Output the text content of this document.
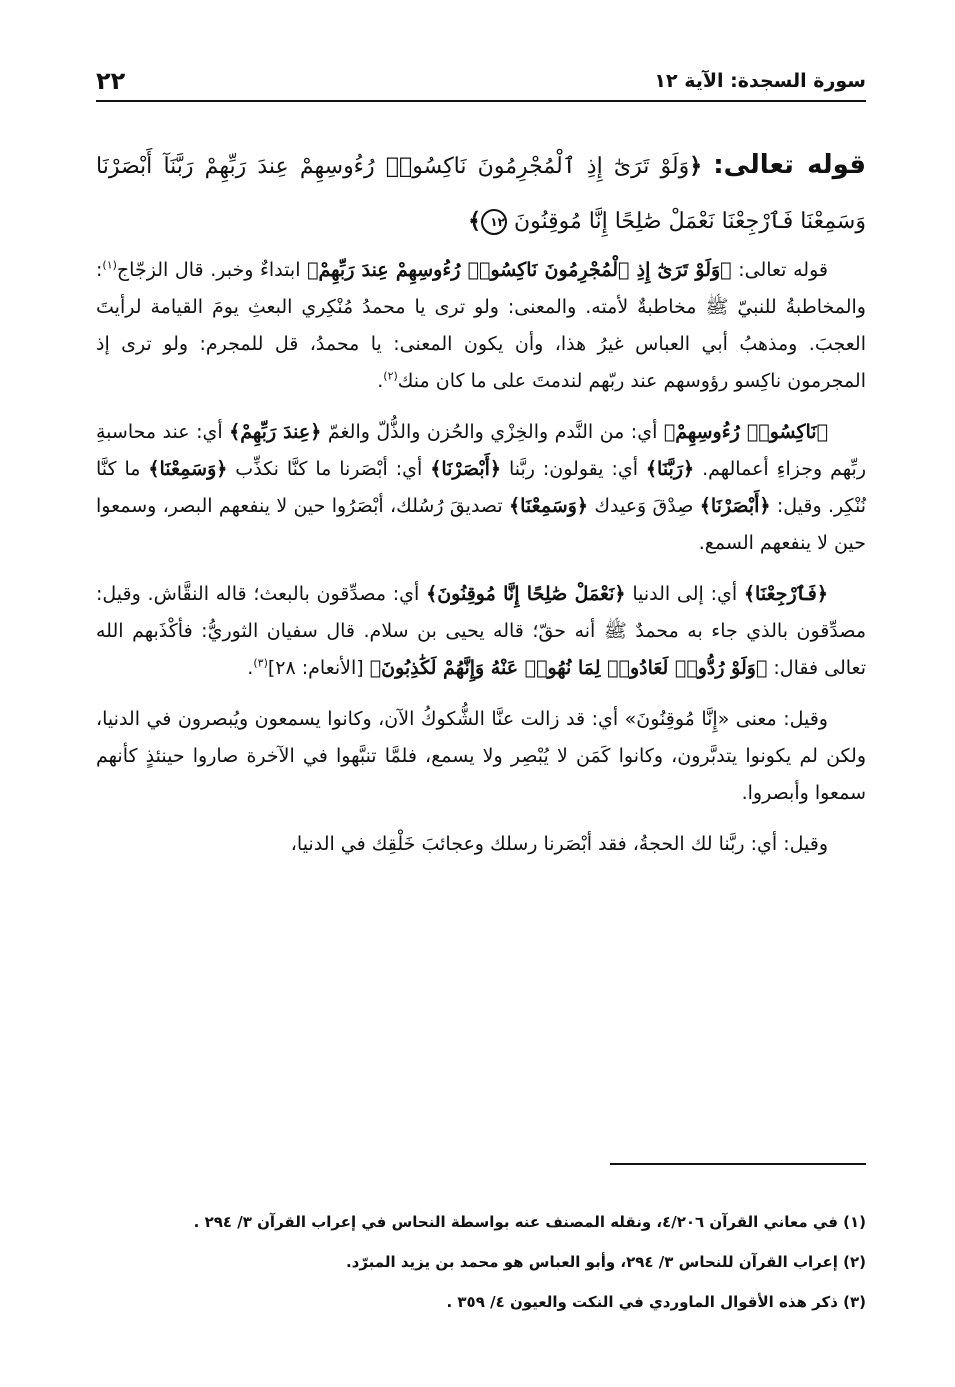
سورة السجدة: الآية ١٢
٢٢
قوله تعالى: ﴿وَلَوْ تَرَىٰٓ إِذِ ٱلْمُجْرِمُونَ نَاكِسُوا۟ رُءُوسِهِمْ عِندَ رَبِّهِمْ رَبَّنَآ أَبْصَرْنَا وَسَمِعْنَا فَٱرْجِعْنَا نَعْمَلْ صَٰلِحًا إِنَّا مُوقِنُونَ ١٢﴾

قوله تعالى: ﴿وَلَوْ تَرَىٰٓ إِذِ ٱلْمُجْرِمُونَ نَاكِسُوا۟ رُءُوسِهِمْ عِندَ رَبِّهِمْ﴾ ابتداءٌ وخبر. قال الزجّاج$^{(١)}$: والمخاطبةُ للنبيّ ﷺ مخاطبةٌ لأمته. والمعنى: ولو ترى يا محمدُ مُنْكِري البعثِ يومَ القيامة لرأيتَ العجبَ. ومذهبُ أبي العباس غيرُ هذا، وأن يكون المعنى: يا محمدُ، قل للمجرم: ولو ترى إذ المجرمون ناكِسو رؤوسهم عند ربّهم لندمتَ على ما كان منك$^{(٢)}$.

﴿نَاكِسُوا۟ رُءُوسِهِمْ﴾ أي: من النَّدم والخِزْي والحُزن والذُّلّ والغمّ ﴿عِندَ رَبِّهِمْ﴾ أي: عند محاسبةِ ربِّهم وجزاءِ أعمالهم. ﴿رَبَّنَا﴾ أي: يقولون: ربَّنا ﴿أَبْصَرْنَا﴾ أي: أبْصَرنا ما كنَّا نكذِّب ﴿وَسَمِعْنَا﴾ ما كنَّا نُنْكِر. وقيل: ﴿أَبْصَرْنَا﴾ صِدْقَ وَعيدك ﴿وَسَمِعْنَا﴾ تصديقَ رُسُلك، أبْصَرُوا حين لا ينفعهم البصر، وسمعوا حين لا ينفعهم السمع.

﴿فَٱرْجِعْنَا﴾ أي: إلى الدنيا ﴿نَعْمَلْ صَٰلِحًا إِنَّا مُوقِنُونَ﴾ أي: مصدِّقون بالبعث؛ قاله النقَّاش. وقيل: مصدِّقون بالذي جاء به محمدٌ ﷺ أنه حقّ؛ قاله يحيى بن سلام. قال سفيان الثوريُّ: فأكْذَبهم الله تعالى فقال: ﴿وَلَوْ رُدُّوا۟ لَعَادُوا۟ لِمَا نُهُوا۟ عَنْهُ وَإِنَّهُمْ لَكَٰذِبُونَ﴾ [الأنعام: ٢٨]$^{(٣)}$.

وقيل: معنى «إِنَّا مُوقِنُونَ» أي: قد زالت عنَّا الشُّكوكُ الآن، وكانوا يسمعون ويُبصرون في الدنيا، ولكن لم يكونوا يتدبَّرون، وكانوا كَمَن لا يُبْصِر ولا يسمع، فلمَّا تنبَّهوا في الآخرة صاروا حينئذٍ كأنهم سمعوا وأبصروا.

وقيل: أي: ربَّنا لك الحجةُ، فقد أبْصَرنا رسلك وعجائبَ خَلْقِك في الدنيا،

(١) في معاني القرآن ٤/٢٠٦، ونقله المصنف عنه بواسطة النحاس في إعراب القرآن ٣/ ٢٩٤ .
(٢) إعراب القرآن للنحاس ٣/ ٢٩٤، وأبو العباس هو محمد بن يزيد المبرّد.
(٣) ذكر هذه الأقوال الماوردي في النكت والعيون ٤/ ٣٥٩ .
